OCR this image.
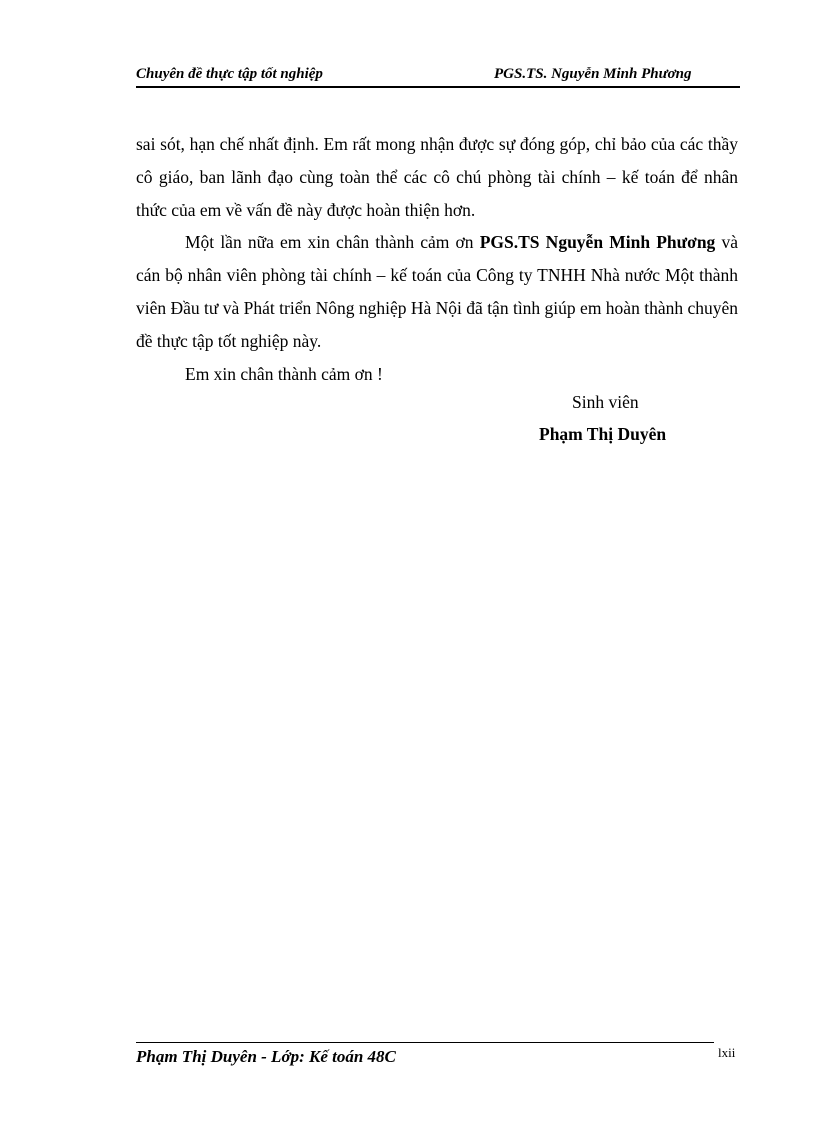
Chuyên đề thực tập tốt nghiệp	PGS.TS. Nguyễn Minh Phương

sai sót, hạn chế nhất định. Em rất mong nhận được sự đóng góp, chỉ bảo của các thầy cô giáo, ban lãnh đạo cùng toàn thể các cô chú phòng tài chính – kế toán để nhân thức của em về vấn đề này được hoàn thiện hơn.

Một lần nữa em xin chân thành cảm ơn PGS.TS Nguyễn Minh Phương và cán bộ nhân viên phòng tài chính – kế toán của Công ty TNHH Nhà nước Một thành viên Đầu tư và Phát triển Nông nghiệp Hà Nội đã tận tình giúp em hoàn thành chuyên đề thực tập tốt nghiệp này.

Em xin chân thành cảm ơn !

Sinh viên
Phạm Thị Duyên
Phạm Thị Duyên - Lớp: Kế toán 48C	lxii
